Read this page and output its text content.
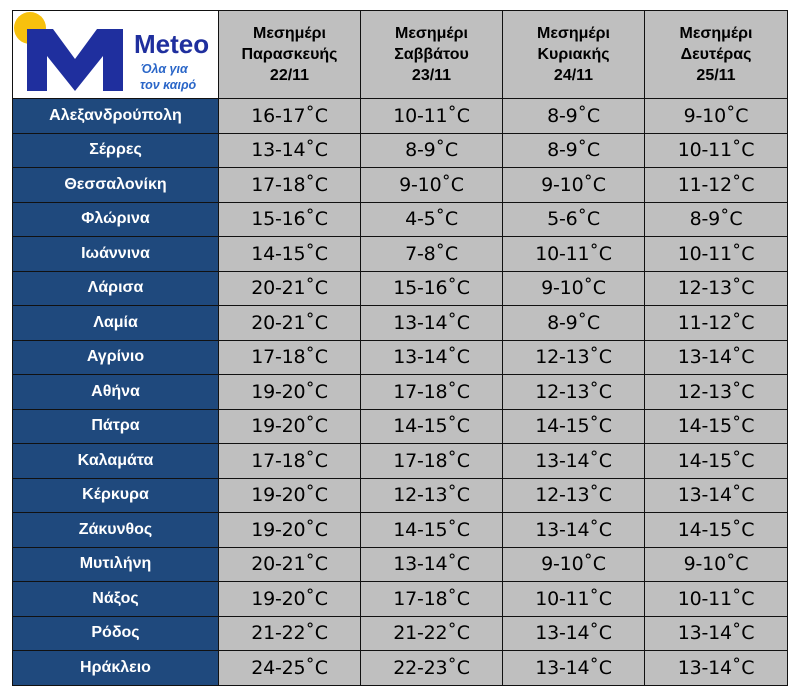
Meteo
Όλα για
τον καιρό	Μεσημέρι
Παρασκευής
22/11	Μεσημέρι
Σαββάτου
23/11	Μεσημέρι
Κυριακής
24/11	Μεσημέρι
Δευτέρας
25/11

Αλεξανδρούπολη	16-17˚C	10-11˚C	8-9˚C	9-10˚C
Σέρρες	13-14˚C	8-9˚C	8-9˚C	10-11˚C
Θεσσαλονίκη	17-18˚C	9-10˚C	9-10˚C	11-12˚C
Φλώρινα	15-16˚C	4-5˚C	5-6˚C	8-9˚C
Ιωάννινα	14-15˚C	7-8˚C	10-11˚C	10-11˚C
Λάρισα	20-21˚C	15-16˚C	9-10˚C	12-13˚C
Λαμία	20-21˚C	13-14˚C	8-9˚C	11-12˚C
Αγρίνιο	17-18˚C	13-14˚C	12-13˚C	13-14˚C
Αθήνα	19-20˚C	17-18˚C	12-13˚C	12-13˚C
Πάτρα	19-20˚C	14-15˚C	14-15˚C	14-15˚C
Καλαμάτα	17-18˚C	17-18˚C	13-14˚C	14-15˚C
Κέρκυρα	19-20˚C	12-13˚C	12-13˚C	13-14˚C
Ζάκυνθος	19-20˚C	14-15˚C	13-14˚C	14-15˚C
Μυτιλήνη	20-21˚C	13-14˚C	9-10˚C	9-10˚C
Νάξος	19-20˚C	17-18˚C	10-11˚C	10-11˚C
Ρόδος	21-22˚C	21-22˚C	13-14˚C	13-14˚C
Ηράκλειο	24-25˚C	22-23˚C	13-14˚C	13-14˚C
